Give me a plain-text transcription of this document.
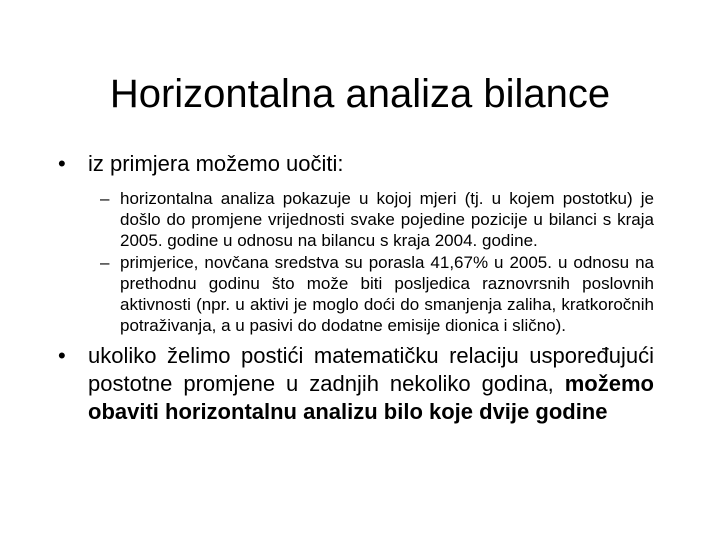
Horizontalna analiza bilance
•	iz primjera možemo uočiti:
– horizontalna analiza pokazuje u kojoj mjeri (tj. u kojem postotku) je došlo do promjene vrijednosti svake pojedine pozicije u bilanci s kraja 2005. godine u odnosu na bilancu s kraja 2004. godine.
– primjerice, novčana sredstva su porasla 41,67% u 2005. u odnosu na prethodnu godinu što može biti posljedica raznovrsnih poslovnih aktivnosti (npr. u aktivi je moglo doći do smanjenja zaliha, kratkoročnih potraživanja, a u pasivi do dodatne emisije dionica i slično).
•	ukoliko želimo postići matematičku relaciju uspoređujući postotne promjene u zadnjih nekoliko godina, možemo obaviti horizontalnu analizu bilo koje dvije godine
